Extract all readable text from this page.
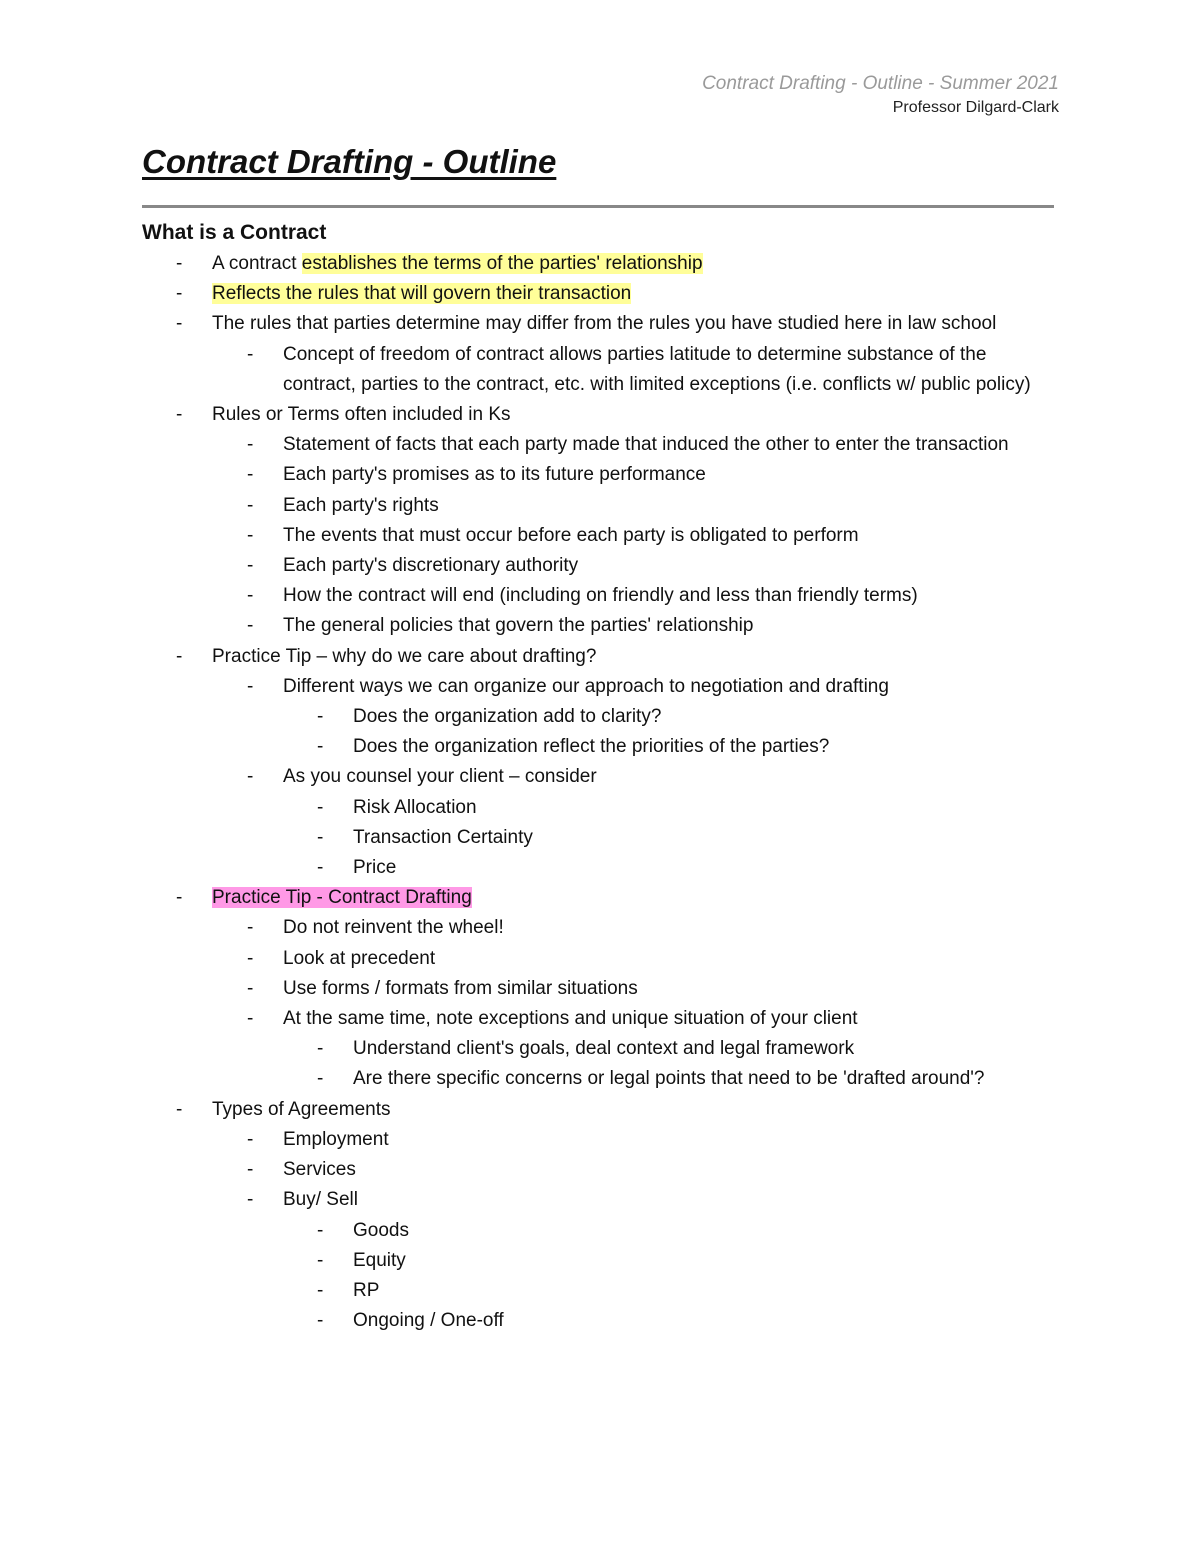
Contract Drafting - Outline - Summer 2021
Professor Dilgard-Clark
Contract Drafting - Outline
What is a Contract
- A contract establishes the terms of the parties' relationship
- Reflects the rules that will govern their transaction
- The rules that parties determine may differ from the rules you have studied here in law school
- Concept of freedom of contract allows parties latitude to determine substance of the contract, parties to the contract, etc. with limited exceptions (i.e. conflicts w/ public policy)
- Rules or Terms often included in Ks
- Statement of facts that each party made that induced the other to enter the transaction
- Each party's promises as to its future performance
- Each party's rights
- The events that must occur before each party is obligated to perform
- Each party's discretionary authority
- How the contract will end (including on friendly and less than friendly terms)
- The general policies that govern the parties' relationship
- Practice Tip – why do we care about drafting?
- Different ways we can organize our approach to negotiation and drafting
- Does the organization add to clarity?
- Does the organization reflect the priorities of the parties?
- As you counsel your client – consider
- Risk Allocation
- Transaction Certainty
- Price
- Practice Tip - Contract Drafting
- Do not reinvent the wheel!
- Look at precedent
- Use forms / formats from similar situations
- At the same time, note exceptions and unique situation of your client
- Understand client's goals, deal context and legal framework
- Are there specific concerns or legal points that need to be 'drafted around'?
- Types of Agreements
- Employment
- Services
- Buy/ Sell
- Goods
- Equity
- RP
- Ongoing / One-off
